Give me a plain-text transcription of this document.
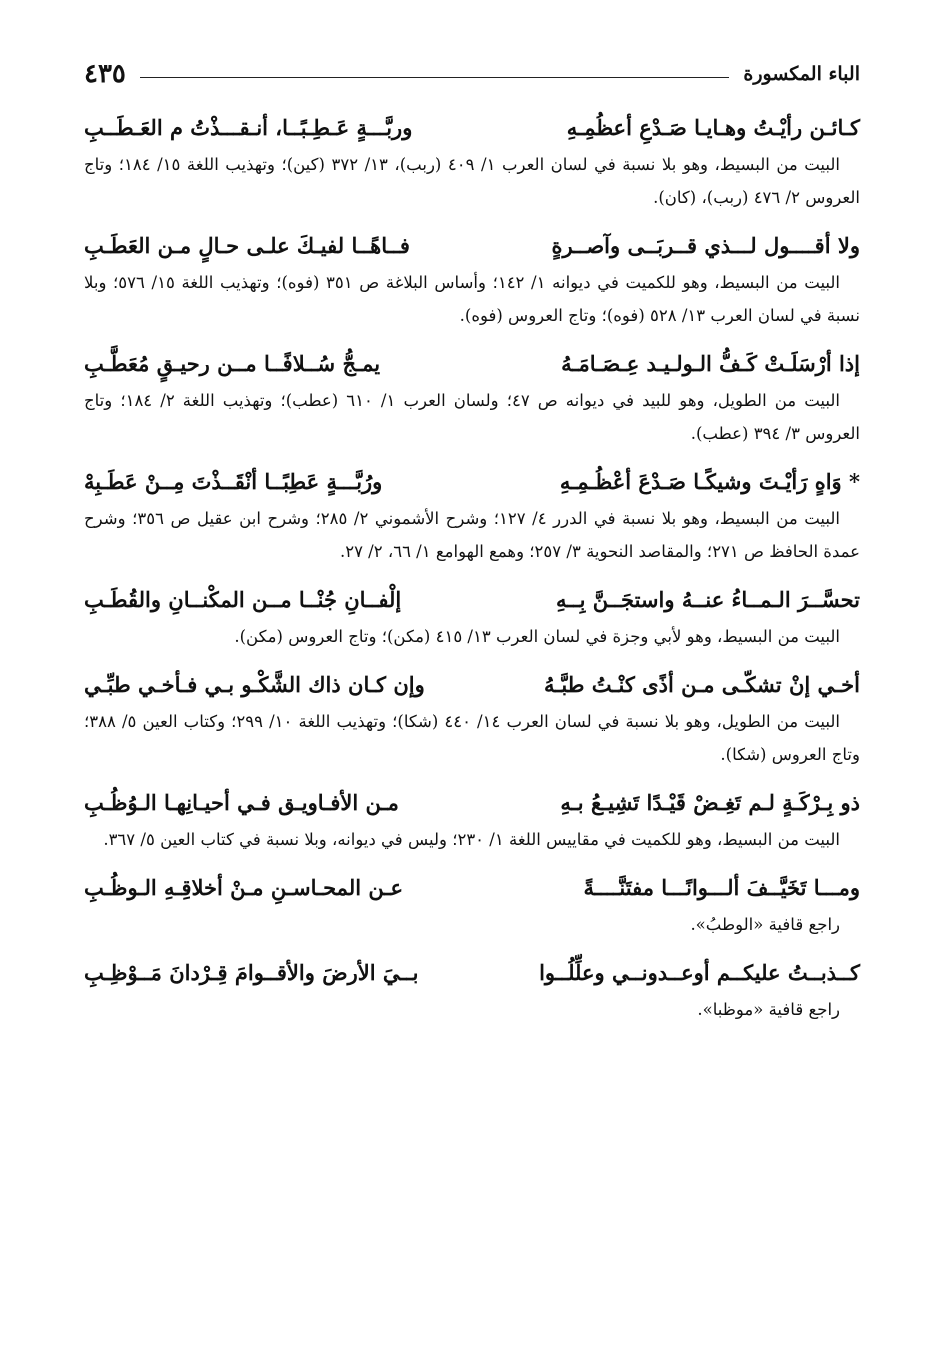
الباء المكسورة
٤٣٥
كـائـن رأيْـتُ وهـايـا صَـدْعِ أعظُمِـهِ
وربَّـــةٍ عَـطِـبًــا، أنـقـــذْتُ م العَـطَــبِ

البيت من البسيط، وهو بلا نسبة في لسان العرب ١/ ٤٠٩ (ربب)، ١٣/ ٣٧٢ (كين)؛ وتهذيب اللغة ١٥/ ١٨٤؛ وتاج العروس ٢/ ٤٧٦ (ربب)، (كان).

ولا أقــــول لـــذي قــربَــى وآصــرةٍ
فــاهًــا لفيـكَ علـى حـالٍ مـن العَطَـبِ

البيت من البسيط، وهو للكميت في ديوانه ١/ ١٤٢؛ وأساس البلاغة ص ٣٥١ (فوه)؛ وتهذيب اللغة ١٥/ ٥٧٦؛ وبلا نسبة في لسان العرب ١٣/ ٥٢٨ (فوه)؛ وتاج العروس (فوه).

إذا أرْسَلَـتْ كَـفُّ الـولـيـد عِـصَـامَـهُ
يمـجُّ سُــلافًــا مــن رحيـقٍ مُعَطَّـبِ

البيت من الطويل، وهو للبيد في ديوانه ص ٤٧؛ ولسان العرب ١/ ٦١٠ (عطب)؛ وتهذيب اللغة ٢/ ١٨٤؛ وتاج العروس ٣/ ٣٩٤ (عطب).

* وَاهٍ رَأيْـتَ وشيكًـا صَـدْعَ أعْظُـمِـهِ
ورُبَّـــةٍ عَطِبًــا أنْقَــذْتَ مِــنْ عَطَـبِهْ

البيت من البسيط، وهو بلا نسبة في الدرر ٤/ ١٢٧؛ وشرح الأشموني ٢/ ٢٨٥؛ وشرح ابن عقيل ص ٣٥٦؛ وشرح عمدة الحافظ ص ٢٧١؛ والمقاصد النحوية ٣/ ٢٥٧؛ وهمع الهوامع ١/ ٦٦، ٢/ ٢٧.

تحسَّــرَ الـمــاءُ عنــهُ واستجَــنَّ بِــهِ
إلْفــانِ جُنْــا مــن المكْنــانِ والقُطَـبِ

البيت من البسيط، وهو لأبي وجزة في لسان العرب ١٣/ ٤١٥ (مكن)؛ وتاج العروس (مكن).

أخـي إنْ تشكّـى مـن أذًى كنْـتُ طبَّـهُ
وإن كـان ذاك الشَّكْـو بـي فـأخـي طبِّـي

البيت من الطويل، وهو بلا نسبة في لسان العرب ١٤/ ٤٤٠ (شكا)؛ وتهذيب اللغة ١٠/ ٢٩٩؛ وكتاب العين ٥/ ٣٨٨؛ وتاج العروس (شكا).

ذو بِـرْكَـةٍ لـم تَغِـضْ قَيْـدًا تَشِيـعُ بـهِ
مـن الأفـاويـق فـي أحيـانِهـا الـوُظُـبِ

البيت من البسيط، وهو للكميت في مقاييس اللغة ١/ ٢٣٠؛ وليس في ديوانه، وبلا نسبة في كتاب العين ٥/ ٣٦٧.

ومـــا تَخَيَّــفَ ألـــوانًـــا مفتَنَّــــةً
عـن المحـاسـنِ مـنْ أخلاقِـهِ الـوظُـبِ

راجع قافية «الوطبُ».

كــذبــتُ عليكــم أوعــدونــي وعلِّلُــوا
بــيَ الأرضَ والأقــوامَ قِـرْدانَ مَــوْظِـبِ

راجع قافية «موظبا».
